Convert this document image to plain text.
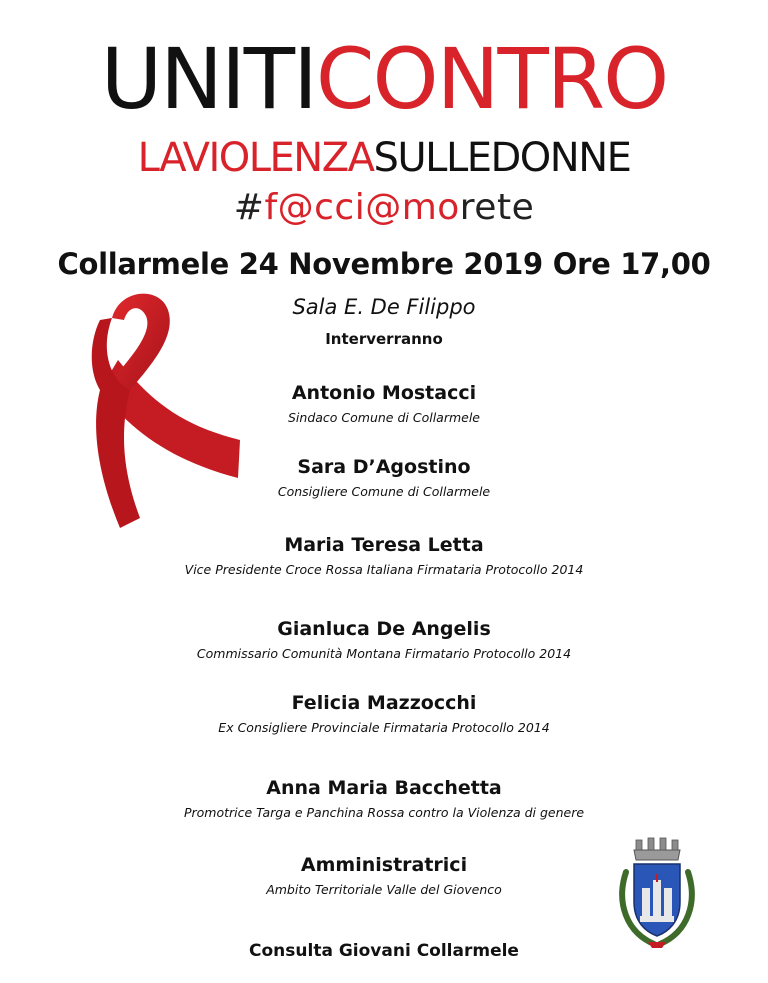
UNITICONTRO
LAVIOLENZASULLEDONNE
#f@cci@morete
Collarmele 24 Novembre 2019 Ore 17,00
Sala E. De Filippo
Interverranno
Antonio Mostacci
Sindaco Comune di Collarmele
Sara D’Agostino
Consigliere Comune di Collarmele
Maria Teresa Letta
Vice Presidente Croce Rossa Italiana Firmataria Protocollo 2014
Gianluca De Angelis
Commissario Comunità Montana Firmatario Protocollo 2014
Felicia Mazzocchi
Ex Consigliere Provinciale Firmataria Protocollo 2014
Anna Maria Bacchetta
Promotrice Targa e Panchina Rossa contro la Violenza di genere
Amministratrici
Ambito Territoriale Valle del Giovenco
Consulta Giovani Collarmele
